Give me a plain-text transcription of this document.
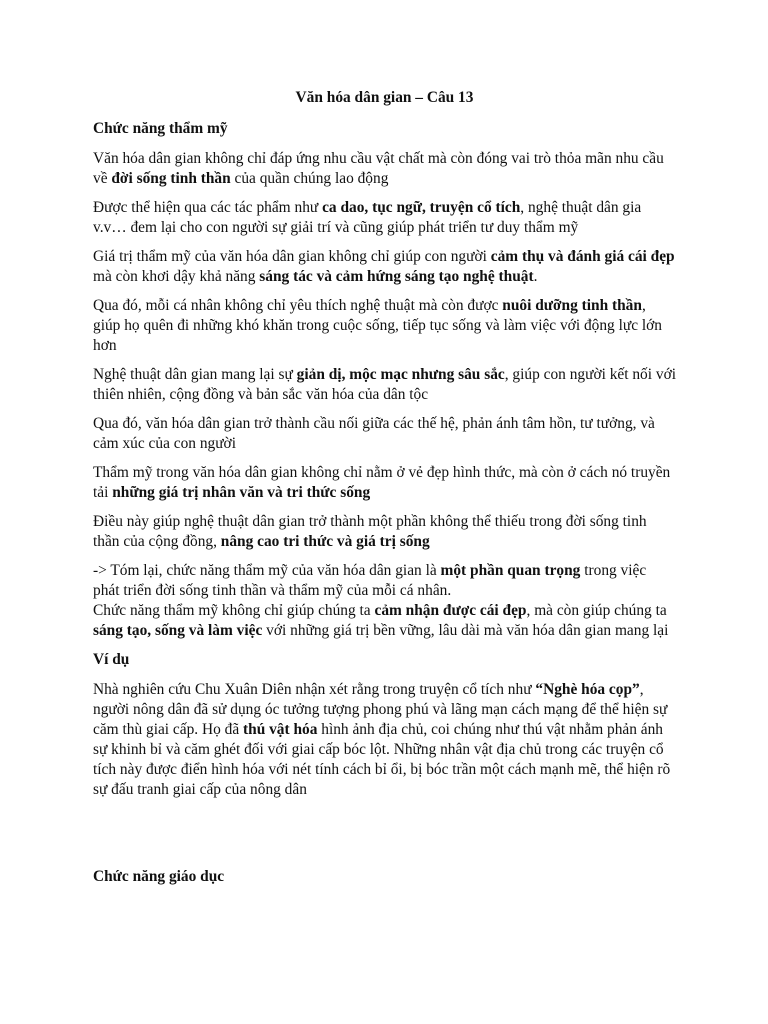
Văn hóa dân gian – Câu 13
Chức năng thẩm mỹ

Văn hóa dân gian không chỉ đáp ứng nhu cầu vật chất mà còn đóng vai trò thỏa mãn nhu cầu về đời sống tinh thần của quần chúng lao động

Được thể hiện qua các tác phẩm như ca dao, tục ngữ, truyện cổ tích, nghệ thuật dân gia v.v… đem lại cho con người sự giải trí và cũng giúp phát triển tư duy thẩm mỹ

Giá trị thẩm mỹ của văn hóa dân gian không chỉ giúp con người cảm thụ và đánh giá cái đẹp mà còn khơi dậy khả năng sáng tác và cảm hứng sáng tạo nghệ thuật.

Qua đó, mỗi cá nhân không chỉ yêu thích nghệ thuật mà còn được nuôi dưỡng tinh thần, giúp họ quên đi những khó khăn trong cuộc sống, tiếp tục sống và làm việc với động lực lớn hơn

Nghệ thuật dân gian mang lại sự giản dị, mộc mạc nhưng sâu sắc, giúp con người kết nối với thiên nhiên, cộng đồng và bản sắc văn hóa của dân tộc

Qua đó, văn hóa dân gian trở thành cầu nối giữa các thế hệ, phản ánh tâm hồn, tư tưởng, và cảm xúc của con người

Thẩm mỹ trong văn hóa dân gian không chỉ nằm ở vẻ đẹp hình thức, mà còn ở cách nó truyền tải những giá trị nhân văn và tri thức sống

Điều này giúp nghệ thuật dân gian trở thành một phần không thể thiếu trong đời sống tinh thần của cộng đồng, nâng cao tri thức và giá trị sống

-> Tóm lại, chức năng thẩm mỹ của văn hóa dân gian là một phần quan trọng trong việc phát triển đời sống tinh thần và thẩm mỹ của mỗi cá nhân.

Chức năng thẩm mỹ không chỉ giúp chúng ta cảm nhận được cái đẹp, mà còn giúp chúng ta sáng tạo, sống và làm việc với những giá trị bền vững, lâu dài mà văn hóa dân gian mang lại

Ví dụ

Nhà nghiên cứu Chu Xuân Diên nhận xét rằng trong truyện cổ tích như “Nghè hóa cọp”, người nông dân đã sử dụng óc tưởng tượng phong phú và lãng mạn cách mạng để thể hiện sự căm thù giai cấp. Họ đã thú vật hóa hình ảnh địa chủ, coi chúng như thú vật nhằm phản ánh sự khinh bỉ và căm ghét đối với giai cấp bóc lột. Những nhân vật địa chủ trong các truyện cổ tích này được điển hình hóa với nét tính cách bỉ ổi, bị bóc trần một cách mạnh mẽ, thể hiện rõ sự đấu tranh giai cấp của nông dân

Chức năng giáo dục
